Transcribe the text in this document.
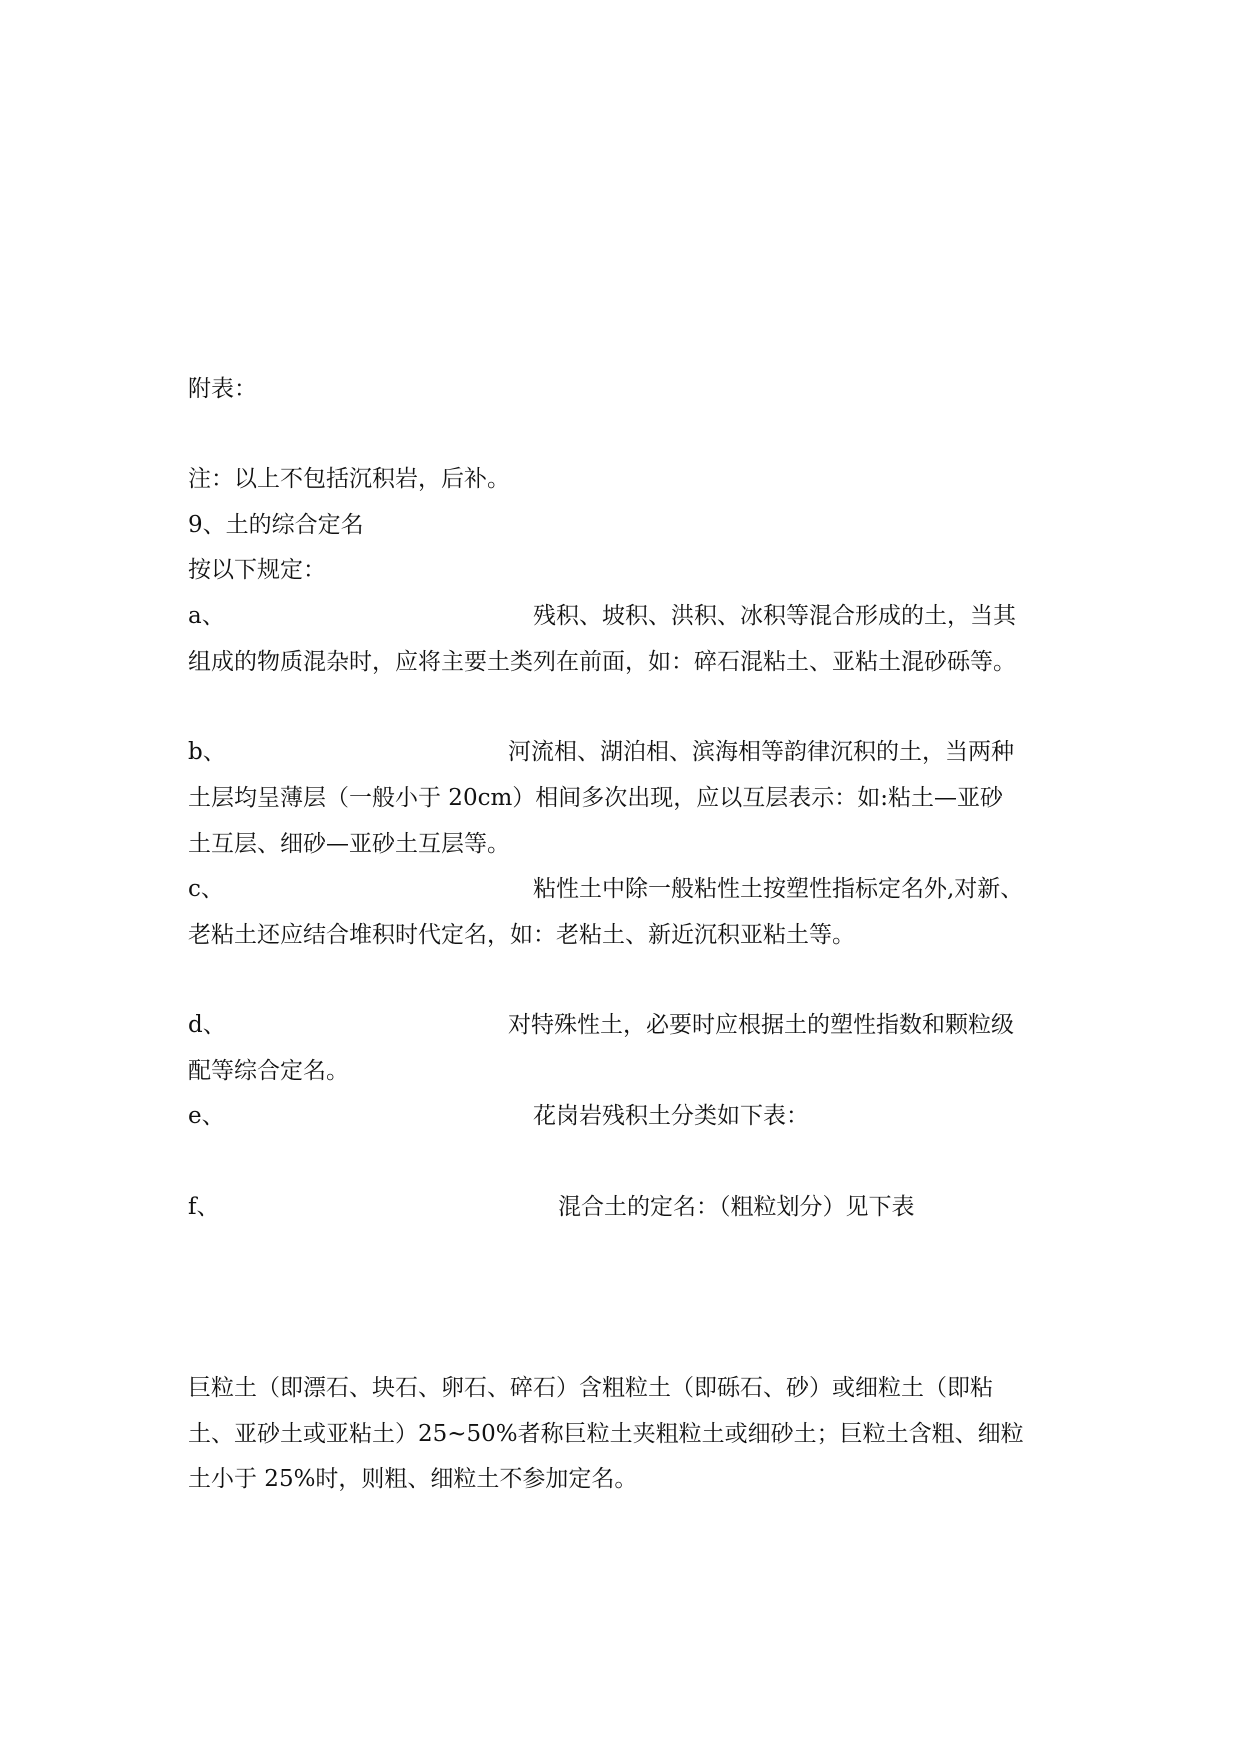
附表：
注：以上不包括沉积岩，后补。
9、土的综合定名
按以下规定：
a、	残积、坡积、洪积、冰积等混合形成的土，当其
组成的物质混杂时，应将主要土类列在前面，如：碎石混粘土、亚粘土混砂砾等。
b、	河流相、湖泊相、滨海相等韵律沉积的土，当两种
土层均呈薄层（一般小于 20cm）相间多次出现，应以互层表示：如:粘土—亚砂
土互层、细砂—亚砂土互层等。
c、	粘性土中除一般粘性土按塑性指标定名外,对新、
老粘土还应结合堆积时代定名，如：老粘土、新近沉积亚粘土等。
d、	对特殊性土，必要时应根据土的塑性指数和颗粒级
配等综合定名。
e、	花岗岩残积土分类如下表：
f、	混合土的定名：（粗粒划分）见下表
巨粒土（即漂石、块石、卵石、碎石）含粗粒土（即砾石、砂）或细粒土（即粘
土、亚砂土或亚粘土）25~50%者称巨粒土夹粗粒土或细砂土；巨粒土含粗、细粒
土小于 25%时，则粗、细粒土不参加定名。
